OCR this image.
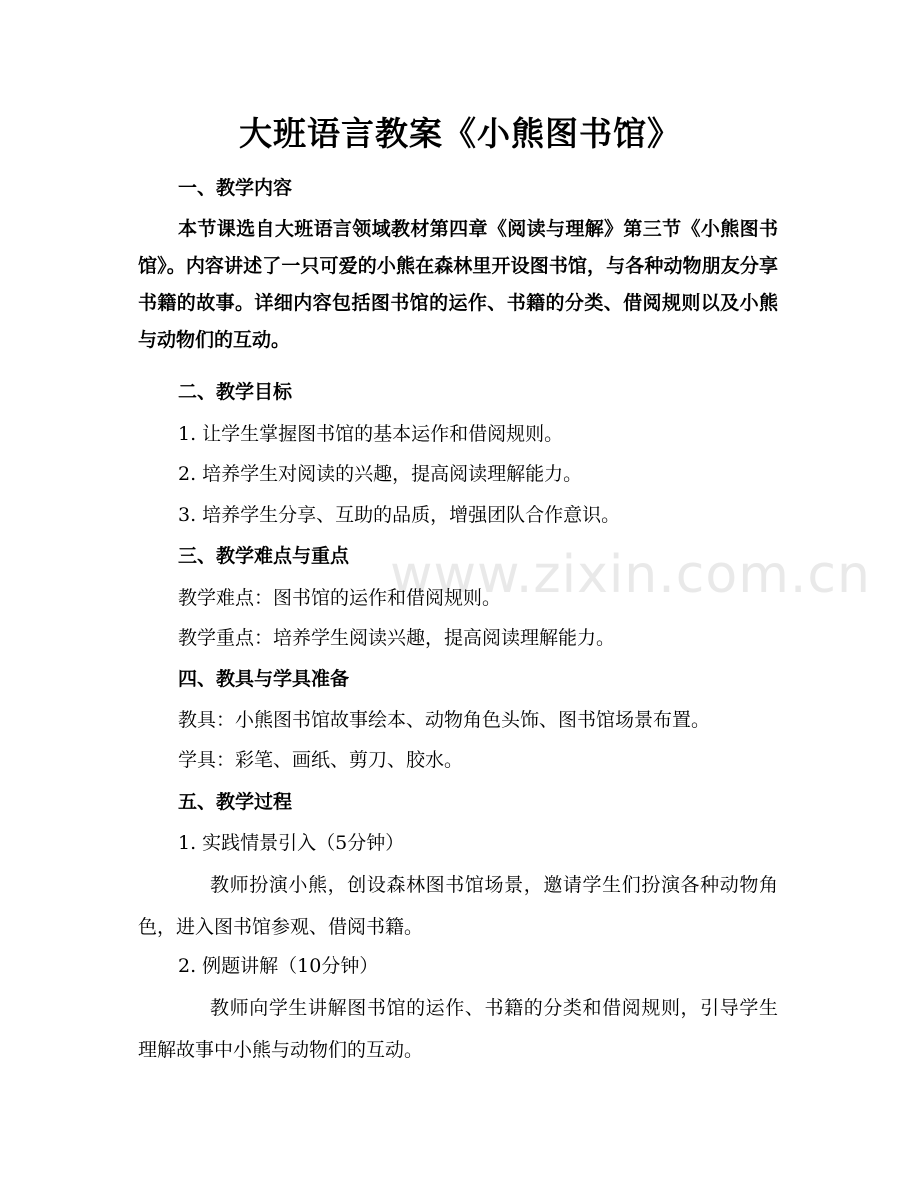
www.zixin.com.cn
大班语言教案《小熊图书馆》
一、教学内容
本节课选自大班语言领域教材第四章《阅读与理解》第三节《小熊图书馆》。内容讲述了一只可爱的小熊在森林里开设图书馆，与各种动物朋友分享书籍的故事。详细内容包括图书馆的运作、书籍的分类、借阅规则以及小熊与动物们的互动。
二、教学目标
1. 让学生掌握图书馆的基本运作和借阅规则。
2. 培养学生对阅读的兴趣，提高阅读理解能力。
3. 培养学生分享、互助的品质，增强团队合作意识。
三、教学难点与重点
教学难点：图书馆的运作和借阅规则。
教学重点：培养学生阅读兴趣，提高阅读理解能力。
四、教具与学具准备
教具：小熊图书馆故事绘本、动物角色头饰、图书馆场景布置。
学具：彩笔、画纸、剪刀、胶水。
五、教学过程
1. 实践情景引入（5分钟）
教师扮演小熊，创设森林图书馆场景，邀请学生们扮演各种动物角色，进入图书馆参观、借阅书籍。
2. 例题讲解（10分钟）
教师向学生讲解图书馆的运作、书籍的分类和借阅规则，引导学生理解故事中小熊与动物们的互动。
